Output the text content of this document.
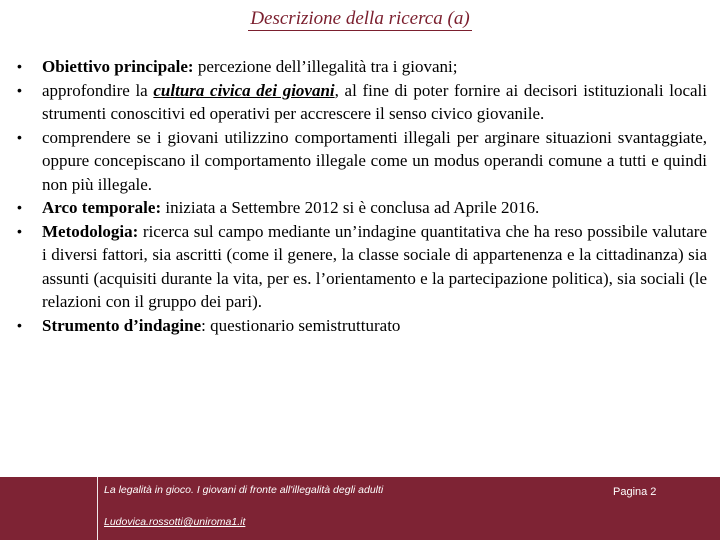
Descrizione della ricerca (a)
• Obiettivo principale: percezione dell’illegalità tra i giovani;
• approfondire la cultura civica dei giovani, al fine di poter fornire ai decisori istituzionali locali strumenti conoscitivi ed operativi per accrescere il senso civico giovanile.
• comprendere se i giovani utilizzino comportamenti illegali per arginare situazioni svantaggiate, oppure concepiscano il comportamento illegale come un modus operandi comune a tutti e quindi non più illegale.
• Arco temporale: iniziata a Settembre 2012 si è conclusa ad Aprile 2016.
• Metodologia: ricerca sul campo mediante un’indagine quantitativa che ha reso possibile valutare i diversi fattori, sia ascritti (come il genere, la classe sociale di appartenenza e la cittadinanza) sia assunti (acquisiti durante la vita, per es. l’orientamento e la partecipazione politica), sia sociali (le relazioni con il gruppo dei pari).
• Strumento d’indagine: questionario semistrutturato
La legalità in gioco. I giovani di fronte all'illegalità degli adulti
Ludovica.rossotti@uniroma1.it
Pagina 2
